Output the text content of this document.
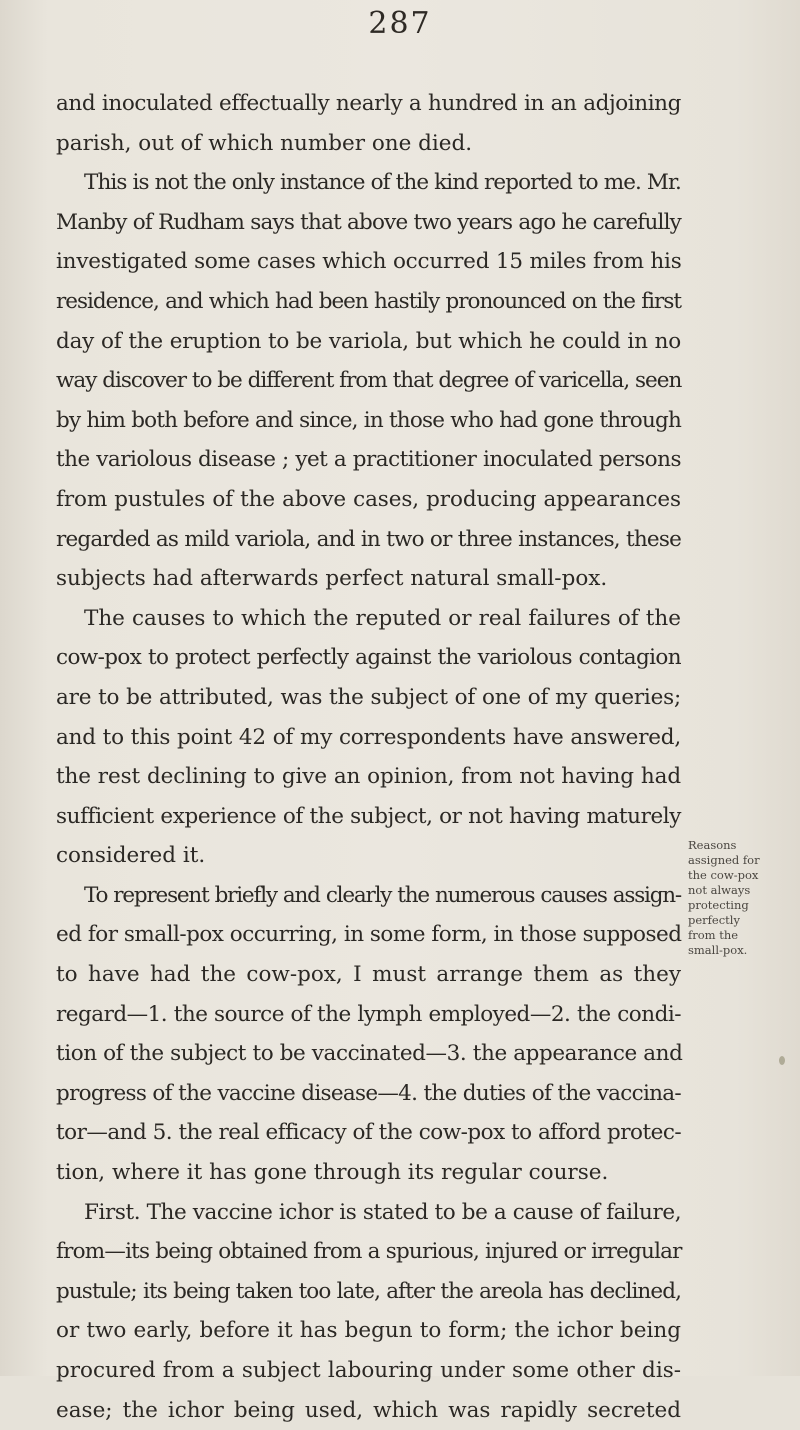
287
and inoculated effectually nearly a hundred in an adjoining
parish, out of which number one died.
This is not the only instance of the kind reported to me. Mr.
Manby of Rudham says that above two years ago he carefully
investigated some cases which occurred 15 miles from his
residence, and which had been hastily pronounced on the first
day of the eruption to be variola, but which he could in no
way discover to be different from that degree of varicella, seen
by him both before and since, in those who had gone through
the variolous disease ; yet a practitioner inoculated persons
from pustules of the above cases, producing appearances
regarded as mild variola, and in two or three instances, these
subjects had afterwards perfect natural small-pox.
The causes to which the reputed or real failures of the
cow-pox to protect perfectly against the variolous contagion
are to be attributed, was the subject of one of my queries;
and to this point 42 of my correspondents have answered,
the rest declining to give an opinion, from not having had
sufficient experience of the subject, or not having maturely
considered it.
To represent briefly and clearly the numerous causes assign-
ed for small-pox occurring, in some form, in those supposed
to have had the cow-pox, I must arrange them as they
regard—1. the source of the lymph employed—2. the condi-
tion of the subject to be vaccinated—3. the appearance and
progress of the vaccine disease—4. the duties of the vaccina-
tor—and 5. the real efficacy of the cow-pox to afford protec-
tion, where it has gone through its regular course.
First. The vaccine ichor is stated to be a cause of failure,
from—its being obtained from a spurious, injured or irregular
pustule; its being taken too late, after the areola has declined,
or two early, before it has begun to form; the ichor being
procured from a subject labouring under some other dis-
ease; the ichor being used, which was rapidly secreted
Reasons
assigned for
the cow-pox
not always
protecting
perfectly
from the
small-pox.
